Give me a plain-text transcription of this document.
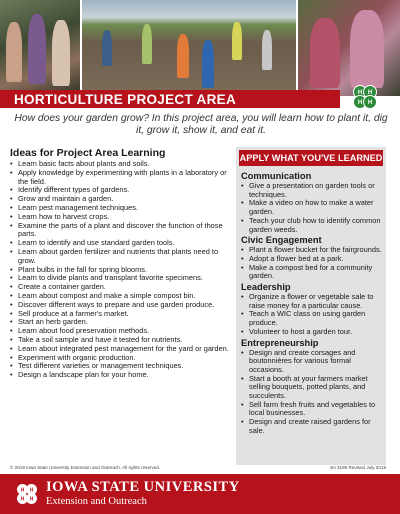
HORTICULTURE PROJECT AREA	H H
H H
How does your garden grow? In this project area, you will learn how to plant it, dig it, grow it, show it, and eat it.
Ideas for Project Area Learning
• Learn basic facts about plants and soils.
• Apply knowledge by experimenting with plants in a laboratory or the field.
• Identify different types of gardens.
• Grow and maintain a garden.
• Learn pest management techniques.
• Learn how to harvest crops.
• Examine the parts of a plant and discover the function of those parts.
• Learn to identify and use standard garden tools.
• Learn about garden fertilizer and nutrients that plants need to grow.
• Plant bulbs in the fall for spring blooms.
• Learn to divide plants and transplant favorite specimens.
• Create a container garden.
• Learn about compost and make a simple compost bin.
• Discover different ways to prepare and use garden produce.
• Sell produce at a farmer's market.
• Start an herb garden.
• Learn about food preservation methods.
• Take a soil sample and have it tested for nutrients.
• Learn about integrated pest management for the yard or garden.
• Experiment with organic production.
• Test different varieties or management techniques.
• Design a landscape plan for your home.
APPLY WHAT YOU'VE LEARNED
Communication
• Give a presentation on garden tools or techniques.
• Make a video on how to make a water garden.
• Teach your club how to identify common garden weeds.
Civic Engagement
• Plant a flower bucket for the fairgrounds.
• Adopt a flower bed at a park.
• Make a compost bed for a community garden.
Leadership
• Organize a flower or vegetable sale to raise money for a particular cause.
• Teach a WIC class on using garden produce.
• Volunteer to host a garden tour.
Entrepreneurship
• Design and create corsages and boutonnières for various formal occasions.
• Start a booth at your farmers market selling bouquets, potted plants, and succulents.
• Sell farm fresh fruits and vegetables to local businesses.
• Design and create raised gardens for sale.
© 2019 Iowa State University Extension and Outreach. All rights reserved.	4H 3185 Revised July 2019
H H
H H
IOWA STATE UNIVERSITY
Extension and Outreach
